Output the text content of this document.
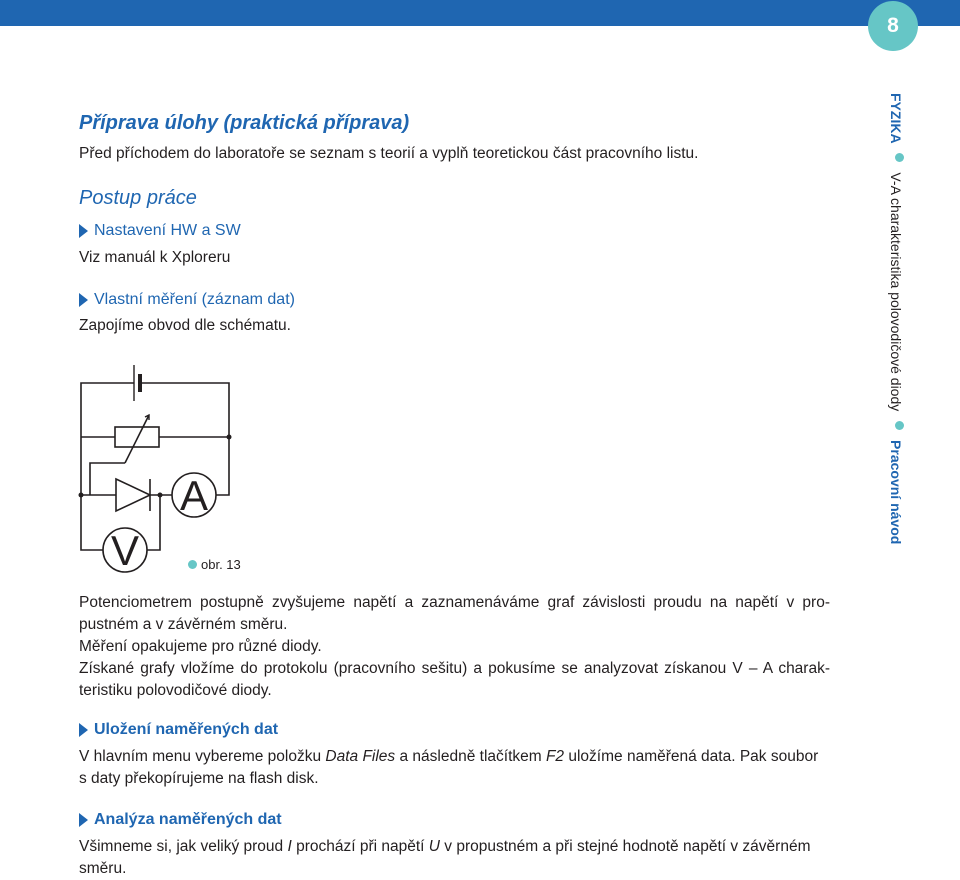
8
FYZIKA  V-A charakteristika polovodičové diody  Pracovní návod

Příprava úlohy (praktická příprava)

Před příchodem do laboratoře se seznam s teorií a vyplň teoretickou část pracovního listu.

Postup práce

Nastavení HW a SW

Viz manuál k Xploreru

Vlastní měření (záznam dat)

Zapojíme obvod dle schématu.

A
V	obr. 13
Potenciometrem postupně zvyšujeme napětí a zaznamenáváme graf závislosti proudu na napětí v pro-
pustném a v závěrném směru.
Měření opakujeme pro různé diody.
Získané grafy vložíme do protokolu (pracovního sešitu) a pokusíme se analyzovat získanou V – A charak-
teristiku polovodičové diody.

Uložení naměřených dat

V hlavním menu vybereme položku Data Files a následně tlačítkem F2 uložíme naměřená data. Pak soubor
s daty překopírujeme na flash disk.

Analýza naměřených dat

Všimneme si, jak veliký proud I prochází při napětí U v propustném a při stejné hodnotě napětí v závěrném
směru.
